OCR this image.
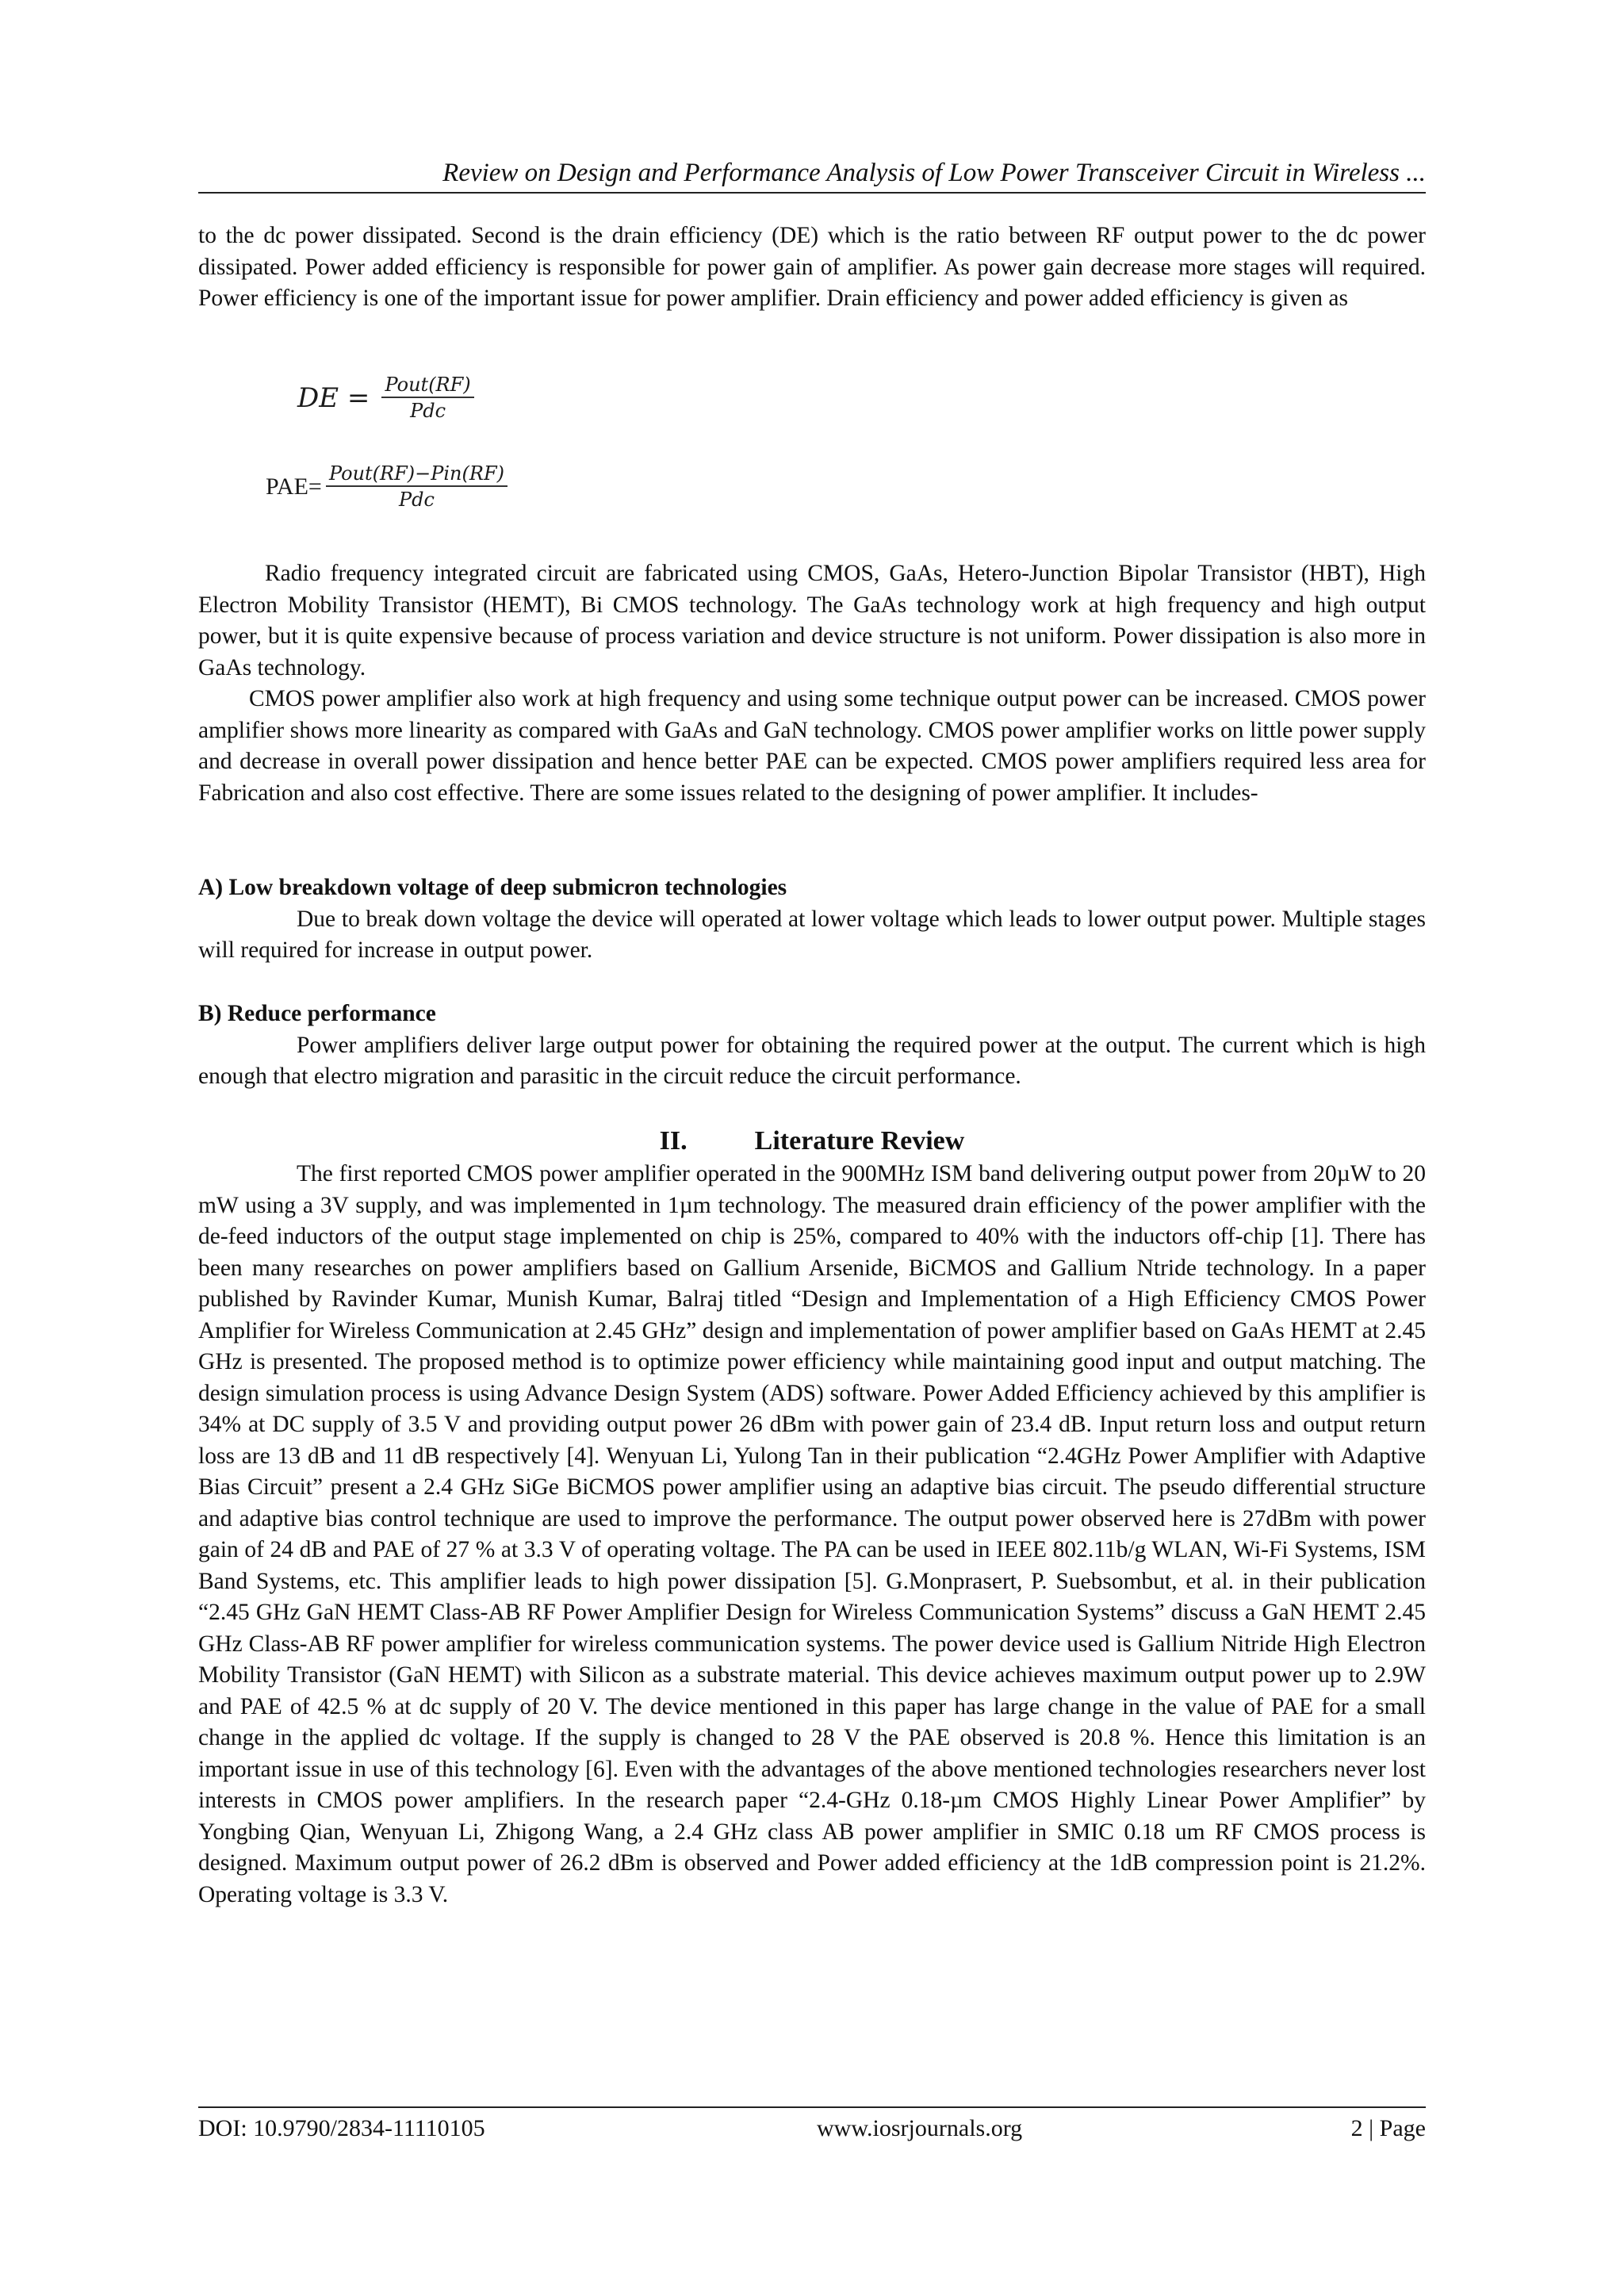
Review on Design and Performance Analysis of Low Power Transceiver Circuit in Wireless ...

to the dc power dissipated. Second is the drain efficiency (DE) which is the ratio between RF output power to the dc power dissipated. Power added efficiency is responsible for power gain of amplifier. As power gain decrease more stages will required. Power efficiency is one of the important issue for power amplifier. Drain efficiency and power added efficiency is given as

DE = $\frac{\text{Pout(RF)}}{\text{Pdc}}$
$PAE= \frac{\text{Pout(RF)−Pin(RF)}}{\text{Pdc}}$

Radio frequency integrated circuit are fabricated using CMOS, GaAs, Hetero-Junction Bipolar Transistor (HBT), High Electron Mobility Transistor (HEMT), Bi CMOS technology. The GaAs technology work at high frequency and high output power, but it is quite expensive because of process variation and device structure is not uniform. Power dissipation is also more in GaAs technology.

CMOS power amplifier also work at high frequency and using some technique output power can be increased. CMOS power amplifier shows more linearity as compared with GaAs and GaN technology. CMOS power amplifier works on little power supply and decrease in overall power dissipation and hence better PAE can be expected. CMOS power amplifiers required less area for Fabrication and also cost effective. There are some issues related to the designing of power amplifier. It includes-

A) Low breakdown voltage of deep submicron technologies

Due to break down voltage the device will operated at lower voltage which leads to lower output power. Multiple stages will required for increase in output power.

B) Reduce performance

Power amplifiers deliver large output power for obtaining the required power at the output. The current which is high enough that electro migration and parasitic in the circuit reduce the circuit performance.

II.	Literature Review

The first reported CMOS power amplifier operated in the 900MHz ISM band delivering output power from 20µW to 20 mW using a 3V supply, and was implemented in 1µm technology. The measured drain efficiency of the power amplifier with the de-feed inductors of the output stage implemented on chip is 25%, compared to 40% with the inductors off-chip [1]. There has been many researches on power amplifiers based on Gallium Arsenide, BiCMOS and Gallium Ntride technology. In a paper published by Ravinder Kumar, Munish Kumar, Balraj titled “Design and Implementation of a High Efficiency CMOS Power Amplifier for Wireless Communication at 2.45 GHz” design and implementation of power amplifier based on GaAs HEMT at 2.45 GHz is presented. The proposed method is to optimize power efficiency while maintaining good input and output matching. The design simulation process is using Advance Design System (ADS) software. Power Added Efficiency achieved by this amplifier is 34% at DC supply of 3.5 V and providing output power 26 dBm with power gain of 23.4 dB. Input return loss and output return loss are 13 dB and 11 dB respectively [4]. Wenyuan Li, Yulong Tan in their publication “2.4GHz Power Amplifier with Adaptive Bias Circuit” present a 2.4 GHz SiGe BiCMOS power amplifier using an adaptive bias circuit. The pseudo differential structure and adaptive bias control technique are used to improve the performance. The output power observed here is 27dBm with power gain of 24 dB and PAE of 27 % at 3.3 V of operating voltage. The PA can be used in IEEE 802.11b/g WLAN, Wi-Fi Systems, ISM Band Systems, etc. This amplifier leads to high power dissipation [5]. G.Monprasert, P. Suebsombut, et al. in their publication “2.45 GHz GaN HEMT Class-AB RF Power Amplifier Design for Wireless Communication Systems” discuss a GaN HEMT 2.45 GHz Class-AB RF power amplifier for wireless communication systems. The power device used is Gallium Nitride High Electron Mobility Transistor (GaN HEMT) with Silicon as a substrate material. This device achieves maximum output power up to 2.9W and PAE of 42.5 % at dc supply of 20 V. The device mentioned in this paper has large change in the value of PAE for a small change in the applied dc voltage. If the supply is changed to 28 V the PAE observed is 20.8 %. Hence this limitation is an important issue in use of this technology [6]. Even with the advantages of the above mentioned technologies researchers never lost interests in CMOS power amplifiers. In the research paper “2.4-GHz 0.18-µm CMOS Highly Linear Power Amplifier” by Yongbing Qian, Wenyuan Li, Zhigong Wang, a 2.4 GHz class AB power amplifier in SMIC 0.18 um RF CMOS process is designed. Maximum output power of 26.2 dBm is observed and Power added efficiency at the 1dB compression point is 21.2%. Operating voltage is 3.3 V.

DOI: 10.9790/2834-11110105	www.iosrjournals.org	2 | Page
